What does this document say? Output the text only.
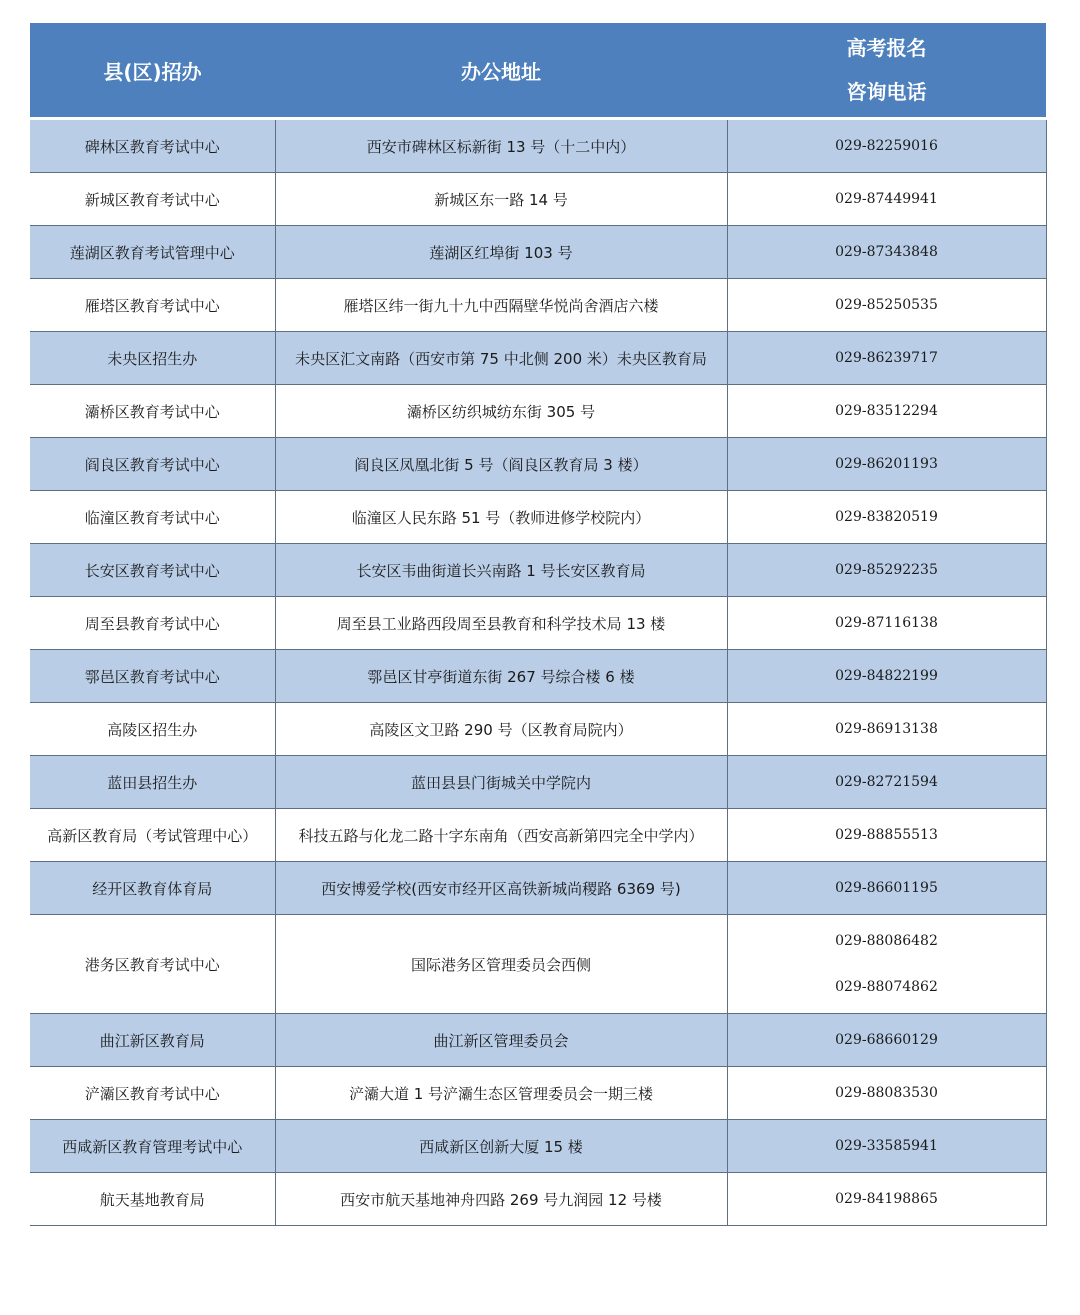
县(区)招办	办公地址	高考报名
咨询电话

碑林区教育考试中心	西安市碑林区标新街 13 号（十二中内）	029-82259016

新城区教育考试中心	新城区东一路 14 号	029-87449941

莲湖区教育考试管理中心	莲湖区红埠街 103 号	029-87343848

雁塔区教育考试中心	雁塔区纬一街九十九中西隔壁华悦尚舍酒店六楼	029-85250535

未央区招生办	未央区汇文南路（西安市第 75 中北侧 200 米）未央区教育局	029-86239717

灞桥区教育考试中心	灞桥区纺织城纺东街 305 号	029-83512294

阎良区教育考试中心	阎良区凤凰北街 5 号（阎良区教育局 3 楼）	029-86201193

临潼区教育考试中心	临潼区人民东路 51 号（教师进修学校院内）	029-83820519

长安区教育考试中心	长安区韦曲街道长兴南路 1 号长安区教育局	029-85292235

周至县教育考试中心	周至县工业路西段周至县教育和科学技术局 13 楼	029-87116138

鄠邑区教育考试中心	鄠邑区甘亭街道东街 267 号综合楼 6 楼	029-84822199

高陵区招生办	高陵区文卫路 290 号（区教育局院内）	029-86913138

蓝田县招生办	蓝田县县门街城关中学院内	029-82721594

高新区教育局（考试管理中心）	科技五路与化龙二路十字东南角（西安高新第四完全中学内）	029-88855513

经开区教育体育局	西安博爱学校(西安市经开区高铁新城尚稷路 6369 号)	029-86601195

港务区教育考试中心	国际港务区管理委员会西侧	029-88086482
029-88074862

曲江新区教育局	曲江新区管理委员会	029-68660129

浐灞区教育考试中心	浐灞大道 1 号浐灞生态区管理委员会一期三楼	029-88083530

西咸新区教育管理考试中心	西咸新区创新大厦 15 楼	029-33585941

航天基地教育局	西安市航天基地神舟四路 269 号九润园 12 号楼	029-84198865
